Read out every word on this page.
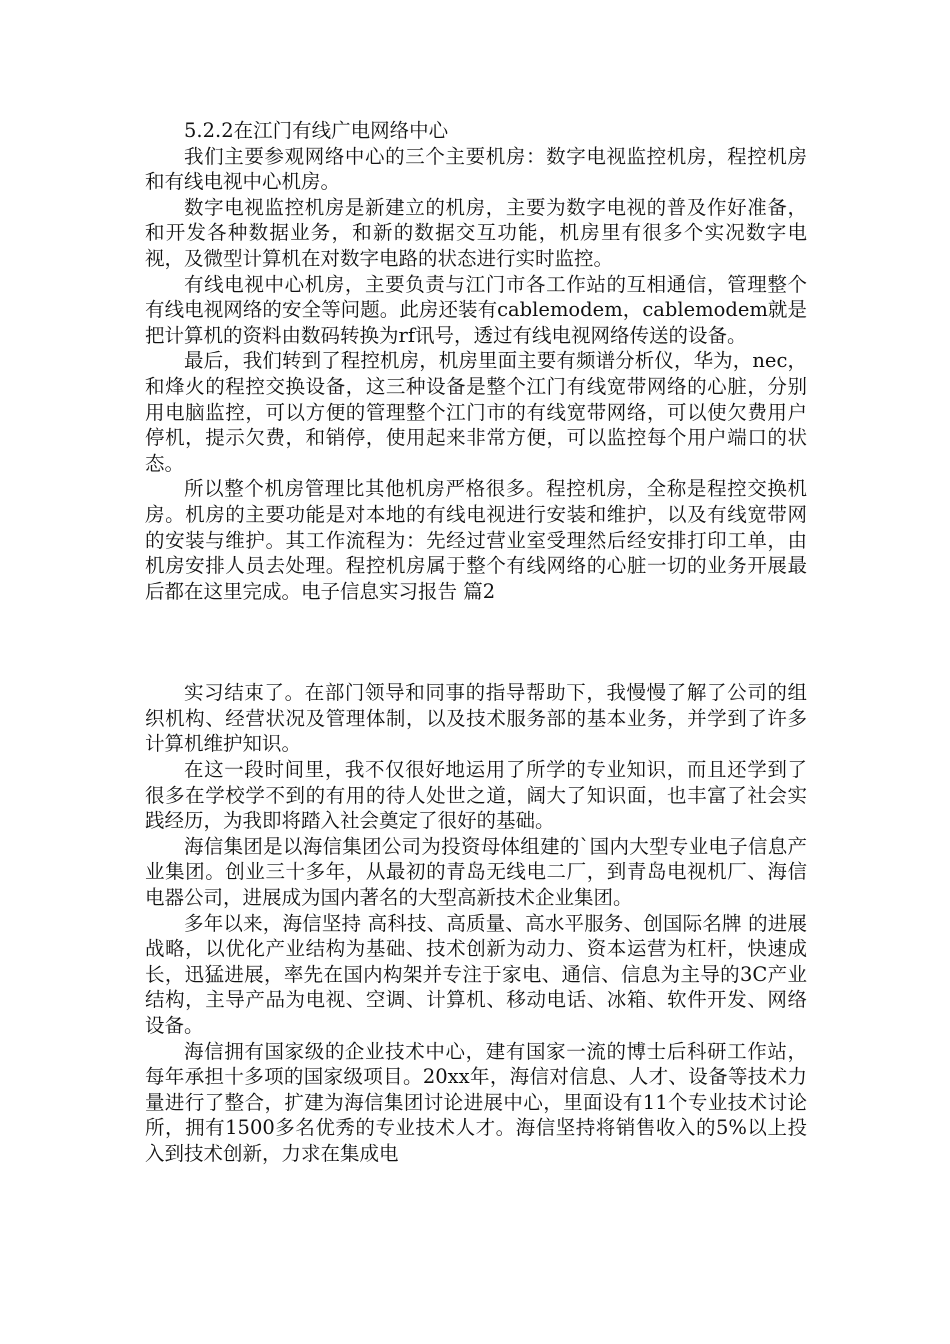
5.2.2在江门有线广电网络中心

我们主要参观网络中心的三个主要机房：数字电视监控机房，程控机房和有线电视中心机房。

数字电视监控机房是新建立的机房，主要为数字电视的普及作好准备，和开发各种数据业务，和新的数据交互功能，机房里有很多个实况数字电视，及微型计算机在对数字电路的状态进行实时监控。

有线电视中心机房，主要负责与江门市各工作站的互相通信，管理整个有线电视网络的安全等问题。此房还装有cablemodem，cablemodem就是把计算机的资料由数码转换为rf讯号，透过有线电视网络传送的设备。

最后，我们转到了程控机房，机房里面主要有频谱分析仪，华为，nec，和烽火的程控交换设备，这三种设备是整个江门有线宽带网络的心脏，分别用电脑监控，可以方便的管理整个江门市的有线宽带网络，可以使欠费用户停机，提示欠费，和销停，使用起来非常方便，可以监控每个用户端口的状态。

所以整个机房管理比其他机房严格很多。程控机房，全称是程控交换机房。机房的主要功能是对本地的有线电视进行安装和维护，以及有线宽带网的安装与维护。其工作流程为：先经过营业室受理然后经安排打印工单，由机房安排人员去处理。程控机房属于整个有线网络的心脏一切的业务开展最后都在这里完成。电子信息实习报告 篇2

实习结束了。在部门领导和同事的指导帮助下，我慢慢了解了公司的组织机构、经营状况及管理体制，以及技术服务部的基本业务，并学到了许多计算机维护知识。

在这一段时间里，我不仅很好地运用了所学的专业知识，而且还学到了很多在学校学不到的有用的待人处世之道，阔大了知识面，也丰富了社会实践经历，为我即将踏入社会奠定了很好的基础。

海信集团是以海信集团公司为投资母体组建的`国内大型专业电子信息产业集团。创业三十多年，从最初的青岛无线电二厂，到青岛电视机厂、海信电器公司，进展成为国内著名的大型高新技术企业集团。

多年以来，海信坚持 高科技、高质量、高水平服务、创国际名牌 的进展战略，以优化产业结构为基础、技术创新为动力、资本运营为杠杆，快速成长，迅猛进展，率先在国内构架并专注于家电、通信、信息为主导的3C产业结构，主导产品为电视、空调、计算机、移动电话、冰箱、软件开发、网络设备。

海信拥有国家级的企业技术中心，建有国家一流的博士后科研工作站，每年承担十多项的国家级项目。20xx年，海信对信息、人才、设备等技术力量进行了整合，扩建为海信集团讨论进展中心，里面设有11个专业技术讨论所，拥有1500多名优秀的专业技术人才。海信坚持将销售收入的5%以上投入到技术创新，力求在集成电
